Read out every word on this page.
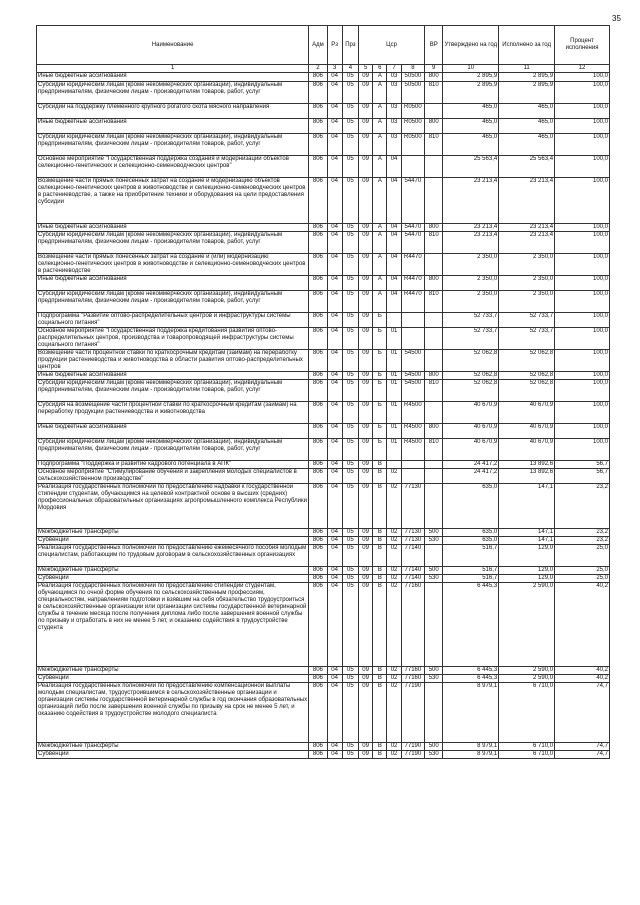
35
Наименование	Адм	Рз	Прз	Цср				ВР	Утверждено на год	Исполнено за год	Процент исполнения
1	2	3	4	5	6	7	8	9	10	11	12
Иные бюджетные ассигнования	806	04	05	09	A	03	50500	800	2 895,9	2 895,9	100,0
Субсидии юридическим лицам (кроме некоммерческих организаций), индивидуальным предпринимателям, физическим лицам - производителям товаров, работ, услуг	806	04	05	09	A	03	50500	810	2 895,9	2 895,9	100,0
Субсидии на поддержку племенного крупного рогатого скота мясного направления	806	04	05	09	A	03	R0500		465,0	465,0	100,0
Иные бюджетные ассигнования	806	04	05	09	A	03	R0500	800	465,0	465,0	100,0
Субсидии юридическим лицам (кроме некоммерческих организаций), индивидуальным предпринимателям, физическим лицам - производителям товаров, работ, услуг	806	04	05	09	A	03	R0500	810	465,0	465,0	100,0
Основное мероприятие "Государственная поддержка создания и модернизации объектов селекционно-генетических и селекционно-семеноводческих центров"	806	04	05	09	A	04			25 563,4	25 563,4	100,0
Возмещение части прямых понесенных затрат на создание и модернизацию объектов селекционно-генетических центров в животноводстве и селекционно-семеноводческих центров в растениеводстве, а также на приобретение техники и оборудования на цели предоставления субсидии	806	04	05	09	A	04	54470		23 213,4	23 213,4	100,0
Иные бюджетные ассигнования	806	04	05	09	A	04	54470	800	23 213,4	23 213,4	100,0
Субсидии юридическим лицам (кроме некоммерческих организаций), индивидуальным предпринимателям, физическим лицам - производителям товаров, работ, услуг	806	04	05	09	A	04	54470	810	23 213,4	23 213,4	100,0
Возмещение части прямых понесенных затрат на создание и (или) модернизацию селекционно-генетических центров в животноводстве и селекционно-семеноводческих центров в растениеводстве	806	04	05	09	A	04	R4470		2 350,0	2 350,0	100,0
Иные бюджетные ассигнования	806	04	05	09	A	04	R4470	800	2 350,0	2 350,0	100,0
Субсидии юридическим лицам (кроме некоммерческих организаций), индивидуальным предпринимателям, физическим лицам - производителям товаров, работ, услуг	806	04	05	09	A	04	R4470	810	2 350,0	2 350,0	100,0
Подпрограмма "Развитие оптово-распределительных центров и инфраструктуры системы социального питания"	806	04	05	09	Б				52 733,7	52 733,7	100,0
Основное мероприятие "Государственная поддержка кредитования развития оптово- распределительных центров, производства и товаропроводящей инфраструктуры системы социального питания"	806	04	05	09	Б	01			52 733,7	52 733,7	100,0
Возмещение части процентной ставки по краткосрочным кредитам (займам) на переработку продукции растениеводства и животноводства в области развития оптово-распределительных центров	806	04	05	09	Б	01	54500		52 062,8	52 062,8	100,0
Иные бюджетные ассигнования	806	04	05	09	Б	01	54500	800	52 062,8	52 062,8	100,0
Субсидии юридическим лицам (кроме некоммерческих организаций), индивидуальным предпринимателям, физическим лицам - производителям товаров, работ, услуг	806	04	05	09	Б	01	54500	810	52 062,8	52 062,8	100,0
Субсидия на возмещение части процентной ставки по краткосрочным кредитам (займам) на переработку продукции растениеводства и животноводства	806	04	05	09	Б	01	R4500		40 670,9	40 670,9	100,0
Иные бюджетные ассигнования	806	04	05	09	Б	01	R4500	800	40 670,9	40 670,9	100,0
Субсидии юридическим лицам (кроме некоммерческих организаций), индивидуальным предпринимателям, физическим лицам - производителям товаров, работ, услуг	806	04	05	09	Б	01	R4500	810	40 670,9	40 670,9	100,0
Подпрограмма "Поддержка и развитие кадрового потенциала в АПК"	806	04	05	09	В				24 417,2	13 892,6	56,7
Основное мероприятие "Стимулирование обучения и закрепления молодых специалистов в сельскохозяйственном производстве"	806	04	05	09	В	02			24 417,2	13 892,6	56,7
Реализация государственных полномочий по предоставлению надбавки к государственной стипендии студентам, обучающимся на целевой контрактной основе в высших (средних) профессиональных образовательных организациях агропромышленного комплекса Республики Мордовия	806	04	05	09	В	02	77130		635,0	147,1	23,2
Межбюджетные трансферты	806	04	05	09	В	02	77130	500	635,0	147,1	23,2
Субвенции	806	04	05	09	В	02	77130	530	635,0	147,1	23,2
Реализация государственных полномочий по предоставлению ежемесячного пособия молодым специалистам, работающим по трудовым договорам в сельскохозяйственных организациях	806	04	05	09	В	02	77140		516,7	129,0	25,0
Межбюджетные трансферты	806	04	05	09	В	02	77140	500	516,7	129,0	25,0
Субвенции	806	04	05	09	В	02	77140	530	516,7	129,0	25,0
Реализация государственных полномочий по предоставлению стипендии студентам, обучающимся по очной форме обучения по сельскохозяйственным профессиям, специальностям, направлениям подготовки и взявшим на себя обязательство трудоустроиться в сельскохозяйственные организации или организации системы государственной ветеринарной службы в течение месяца после получения диплома либо после завершения военной службы по призыву и отработать в них не менее 5 лет, и оказанию содействия в трудоустройстве студента	806	04	05	09	В	02	77160		6 445,3	2 590,0	40,2
Межбюджетные трансферты	806	04	05	09	В	02	77160	500	6 445,3	2 590,0	40,2
Субвенции	806	04	05	09	В	02	77160	530	6 445,3	2 590,0	40,2
Реализация государственных полномочий по предоставлению компенсационной выплаты молодым специалистам, трудоустроившимся в сельскохозяйственные организации и организации системы государственной ветеринарной службы в год окончания образовательных организаций либо после завершения военной службы по призыву на срок не менее 5 лет, и оказанию содействия в трудоустройстве молодого специалиста	806	04	05	09	В	02	77190		8 979,1	6 710,0	74,7
Межбюджетные трансферты	806	04	05	09	В	02	77190	500	8 979,1	6 710,0	74,7
Субвенции	806	04	05	09	В	02	77190	530	8 979,1	6 710,0	74,7
